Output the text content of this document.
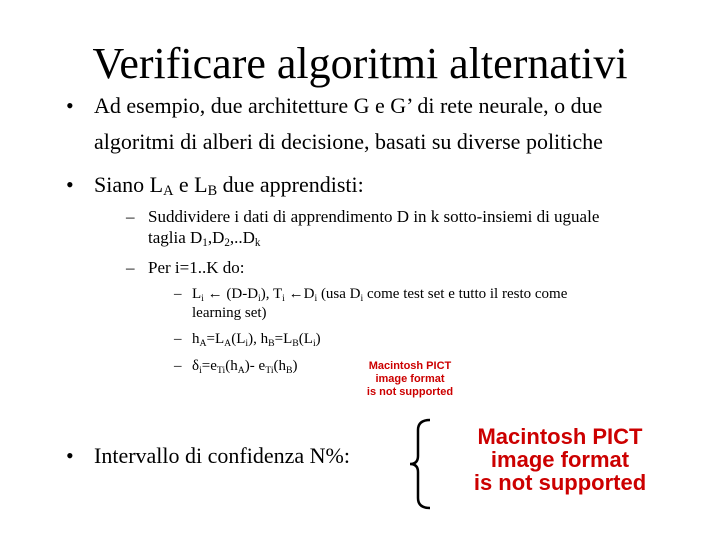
Verificare algoritmi alternativi
• Ad esempio, due architetture G e G’ di rete neurale, o due
algoritmi di alberi di decisione, basati su diverse politiche
• Siano $L_A$ e $L_B$ due apprendisti:
– Suddividere i dati di apprendimento D in k sotto-insiemi di uguale
taglia $D_1,D_2,..D_k$
– Per i=1..K do:
– $L_i$ ← $(D-D_i)$, $T_i$ $\leftarrow D_i$ (usa $D_i$ come test set e tutto il resto come
learning set)
– $h_A=L_A(L_i)$, $h_B=L_B(L_i)$
– $\delta_i=e_{Ti}(h_A)-$ $e_{Ti}(h_B)$	Macintosh PICT
image format
is not supported
• Intervallo di confidenza N%:
Macintosh PICT
image format
is not supported
